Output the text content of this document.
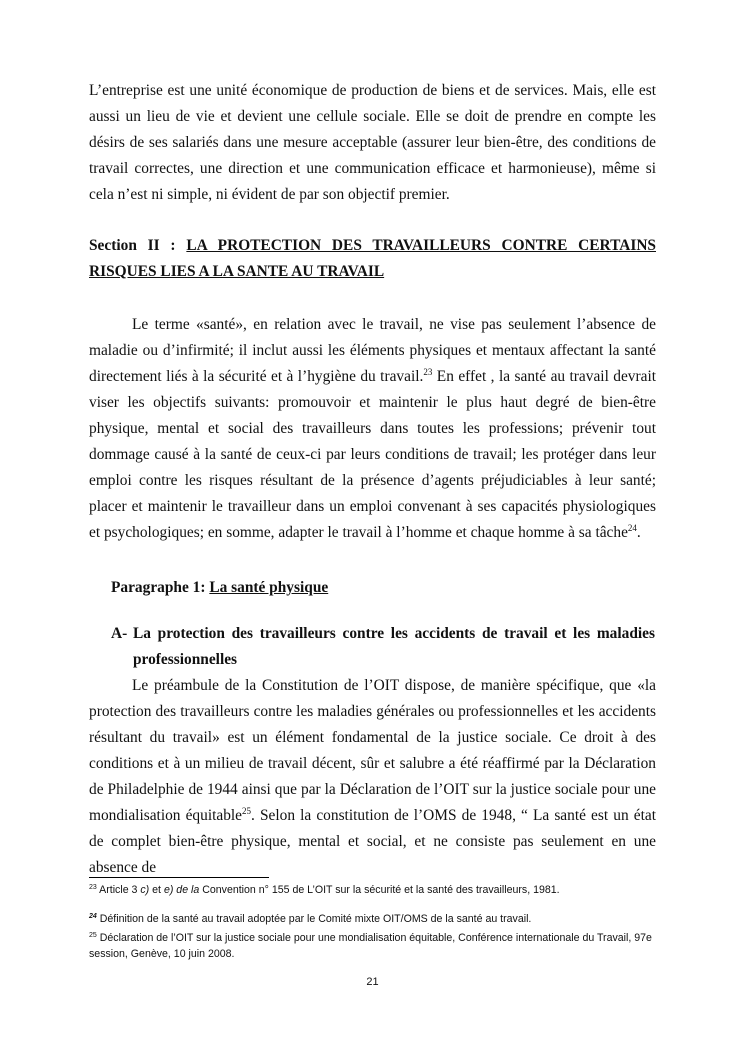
L’entreprise est une unité économique de production de biens et de services. Mais, elle est aussi un lieu de vie et devient une cellule sociale. Elle se doit de prendre en compte les désirs de ses salariés dans une mesure acceptable (assurer leur bien-être, des conditions de travail correctes, une direction et une communication efficace et harmonieuse), même si cela n’est ni simple, ni évident de par son objectif premier.

Section II : LA PROTECTION DES TRAVAILLEURS CONTRE CERTAINS RISQUES LIES A LA SANTE AU TRAVAIL

Le terme «santé», en relation avec le travail, ne vise pas seulement l’absence de maladie ou d’infirmité; il inclut aussi les éléments physiques et mentaux affectant la santé directement liés à la sécurité et à l’hygiène du travail.$^{23}$ En effet , la santé au travail devrait viser les objectifs suivants: promouvoir et maintenir le plus haut degré de bien-être physique, mental et social des travailleurs dans toutes les professions; prévenir tout dommage causé à la santé de ceux-ci par leurs conditions de travail; les protéger dans leur emploi contre les risques résultant de la présence d’agents préjudiciables à leur santé; placer et maintenir le travailleur dans un emploi convenant à ses capacités physiologiques et psychologiques; en somme, adapter le travail à l’homme et chaque homme à sa tâche$^{24}$.

Paragraphe 1: La santé physique

A- La protection des travailleurs contre les accidents de travail et les maladies professionnelles

Le préambule de la Constitution de l’OIT dispose, de manière spécifique, que «la protection des travailleurs contre les maladies générales ou professionnelles et les accidents résultant du travail» est un élément fondamental de la justice sociale. Ce droit à des conditions et à un milieu de travail décent, sûr et salubre a été réaffirmé par la Déclaration de Philadelphie de 1944 ainsi que par la Déclaration de l’OIT sur la justice sociale pour une mondialisation équitable$^{25}$. Selon la constitution de l’OMS de 1948, “ La santé est un état de complet bien-être physique, mental et social, et ne consiste pas seulement en une absence de

$^{23}$ Article 3 c) et e) de la Convention n° 155 de L’OIT sur la sécurité et la santé des travailleurs, 1981.
$^{24}$ Définition de la santé au travail adoptée par le Comité mixte OIT/OMS de la santé au travail.
$^{25}$ Déclaration de l’OIT sur la justice sociale pour une mondialisation équitable, Conférence internationale du Travail, 97e session, Genève, 10 juin 2008.
21
